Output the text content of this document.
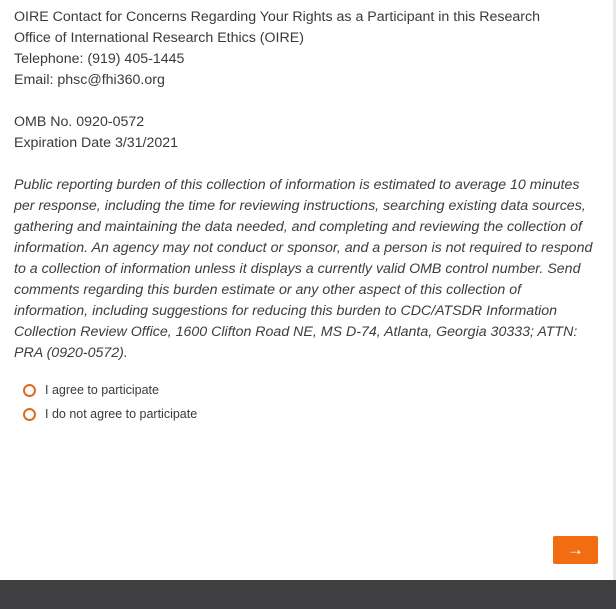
OIRE Contact for Concerns Regarding Your Rights as a Participant in this Research
Office of International Research Ethics (OIRE)
Telephone: (919) 405-1445
Email: phsc@fhi360.org
OMB No. 0920-0572
Expiration Date 3/31/2021
Public reporting burden of this collection of information is estimated to average 10 minutes per response, including the time for reviewing instructions, searching existing data sources, gathering and maintaining the data needed, and completing and reviewing the collection of information. An agency may not conduct or sponsor, and a person is not required to respond to a collection of information unless it displays a currently valid OMB control number. Send comments regarding this burden estimate or any other aspect of this collection of information, including suggestions for reducing this burden to CDC/ATSDR Information Collection Review Office, 1600 Clifton Road NE, MS D-74, Atlanta, Georgia 30333; ATTN: PRA (0920-0572).
I agree to participate
I do not agree to participate
→
